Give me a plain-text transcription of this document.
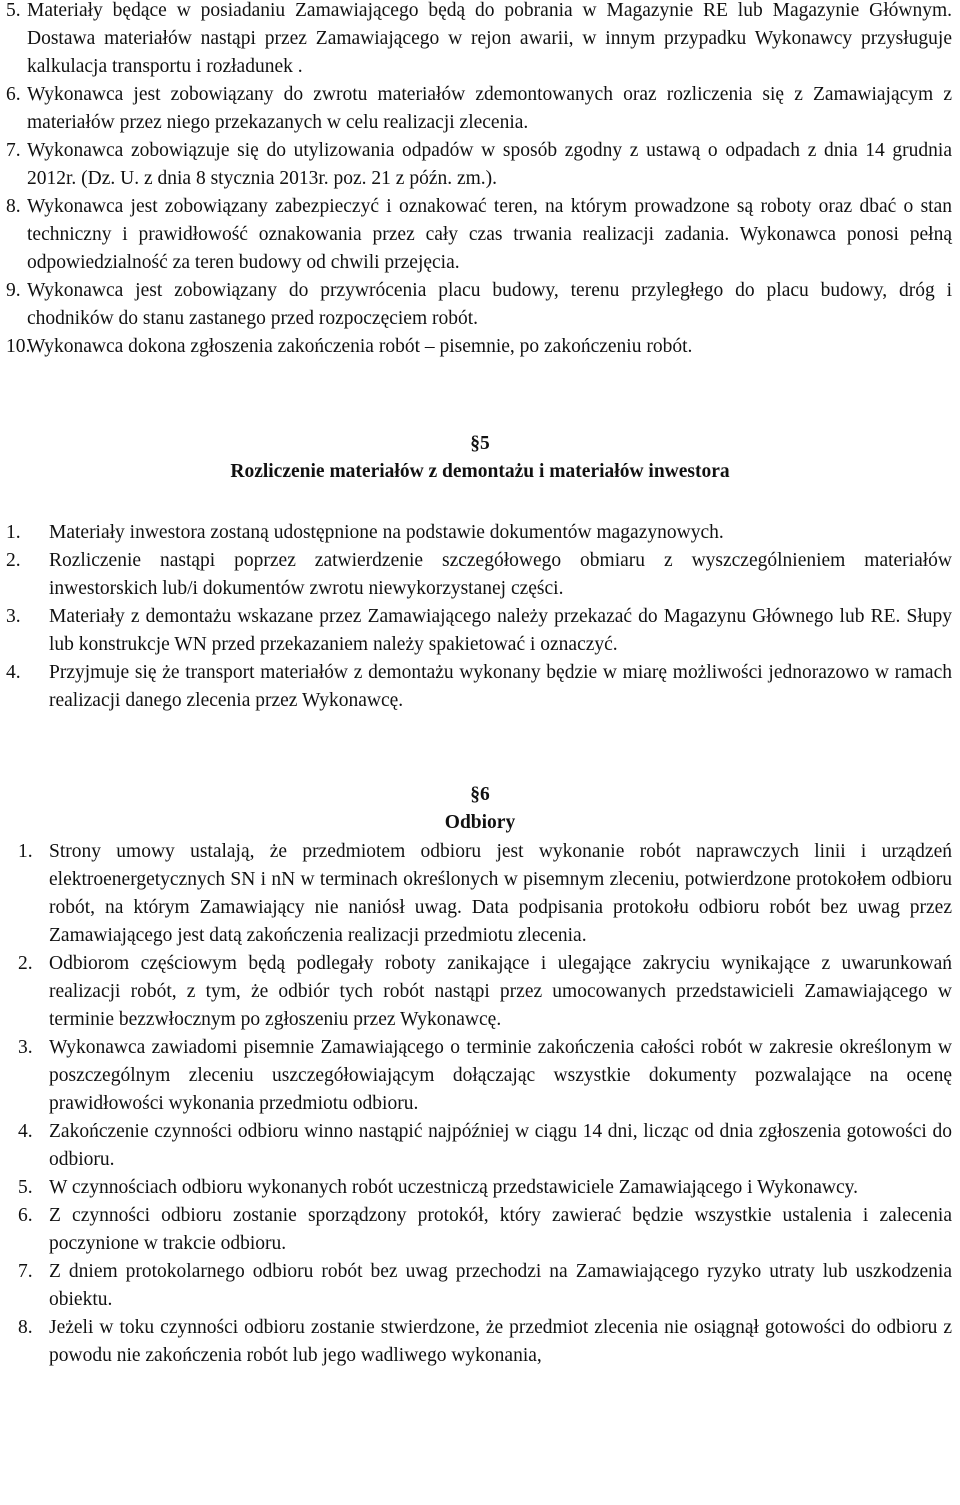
5. Materiały będące w posiadaniu Zamawiającego będą do pobrania w Magazynie RE lub Magazynie Głównym. Dostawa materiałów nastąpi przez Zamawiającego w rejon awarii, w innym przypadku Wykonawcy przysługuje kalkulacja transportu i rozładunek .
6. Wykonawca jest zobowiązany do zwrotu materiałów zdemontowanych oraz rozliczenia się z Zamawiającym z materiałów przez niego przekazanych w celu realizacji zlecenia.
7. Wykonawca zobowiązuje się do utylizowania odpadów w sposób zgodny z ustawą o odpadach z dnia 14 grudnia 2012r. (Dz. U. z dnia 8 stycznia 2013r. poz. 21 z późn. zm.).
8. Wykonawca jest zobowiązany zabezpieczyć i oznakować teren, na którym prowadzone są roboty oraz dbać o stan techniczny i prawidłowość oznakowania przez cały czas trwania realizacji zadania. Wykonawca ponosi pełną odpowiedzialność za teren budowy od chwili przejęcia.
9. Wykonawca jest zobowiązany do przywrócenia placu budowy, terenu przyległego do placu budowy, dróg i chodników do stanu zastanego przed rozpoczęciem robót.
10.
Wykonawca dokona zgłoszenia zakończenia robót – pisemnie, po zakończeniu robót.
§5
Rozliczenie materiałów z demontażu i materiałów inwestora
1. Materiały inwestora zostaną udostępnione na podstawie dokumentów magazynowych.
2. Rozliczenie nastąpi poprzez zatwierdzenie szczegółowego obmiaru z wyszczególnieniem materiałów inwestorskich lub/i dokumentów zwrotu niewykorzystanej części.
3. Materiały z demontażu wskazane przez Zamawiającego należy przekazać do Magazynu Głównego lub RE. Słupy lub konstrukcje WN przed przekazaniem należy spakietować i oznaczyć.
4. Przyjmuje się że transport materiałów z demontażu wykonany będzie w miarę możliwości jednorazowo w ramach realizacji danego zlecenia przez Wykonawcę.
§6
Odbiory
1. Strony umowy ustalają, że przedmiotem odbioru jest wykonanie robót naprawczych linii i urządzeń elektroenergetycznych SN i nN w terminach określonych w pisemnym zleceniu, potwierdzone protokołem odbioru robót, na którym Zamawiający nie naniósł uwag. Data podpisania protokołu odbioru robót bez uwag przez Zamawiającego jest datą zakończenia realizacji przedmiotu zlecenia.
2. Odbiorom częściowym będą podlegały roboty zanikające i ulegające zakryciu wynikające z uwarunkowań realizacji robót, z tym, że odbiór tych robót nastąpi przez umocowanych przedstawicieli Zamawiającego w terminie bezzwłocznym po zgłoszeniu przez Wykonawcę.
3. Wykonawca zawiadomi pisemnie Zamawiającego o terminie zakończenia całości robót w zakresie określonym w poszczególnym zleceniu uszczegółowiającym dołączając wszystkie dokumenty pozwalające na ocenę prawidłowości wykonania przedmiotu odbioru.
4. Zakończenie czynności odbioru winno nastąpić najpóźniej w ciągu 14 dni, licząc od dnia zgłoszenia gotowości do odbioru.
5. W czynnościach odbioru wykonanych robót uczestniczą przedstawiciele Zamawiającego i Wykonawcy.
6. Z czynności odbioru zostanie sporządzony protokół, który zawierać będzie wszystkie ustalenia i zalecenia poczynione w trakcie odbioru.
7. Z dniem protokolarnego odbioru robót bez uwag przechodzi na Zamawiającego ryzyko utraty lub uszkodzenia obiektu.
8. Jeżeli w toku czynności odbioru zostanie stwierdzone, że przedmiot zlecenia nie osiągnął gotowości do odbioru z powodu nie zakończenia robót lub jego wadliwego wykonania,
